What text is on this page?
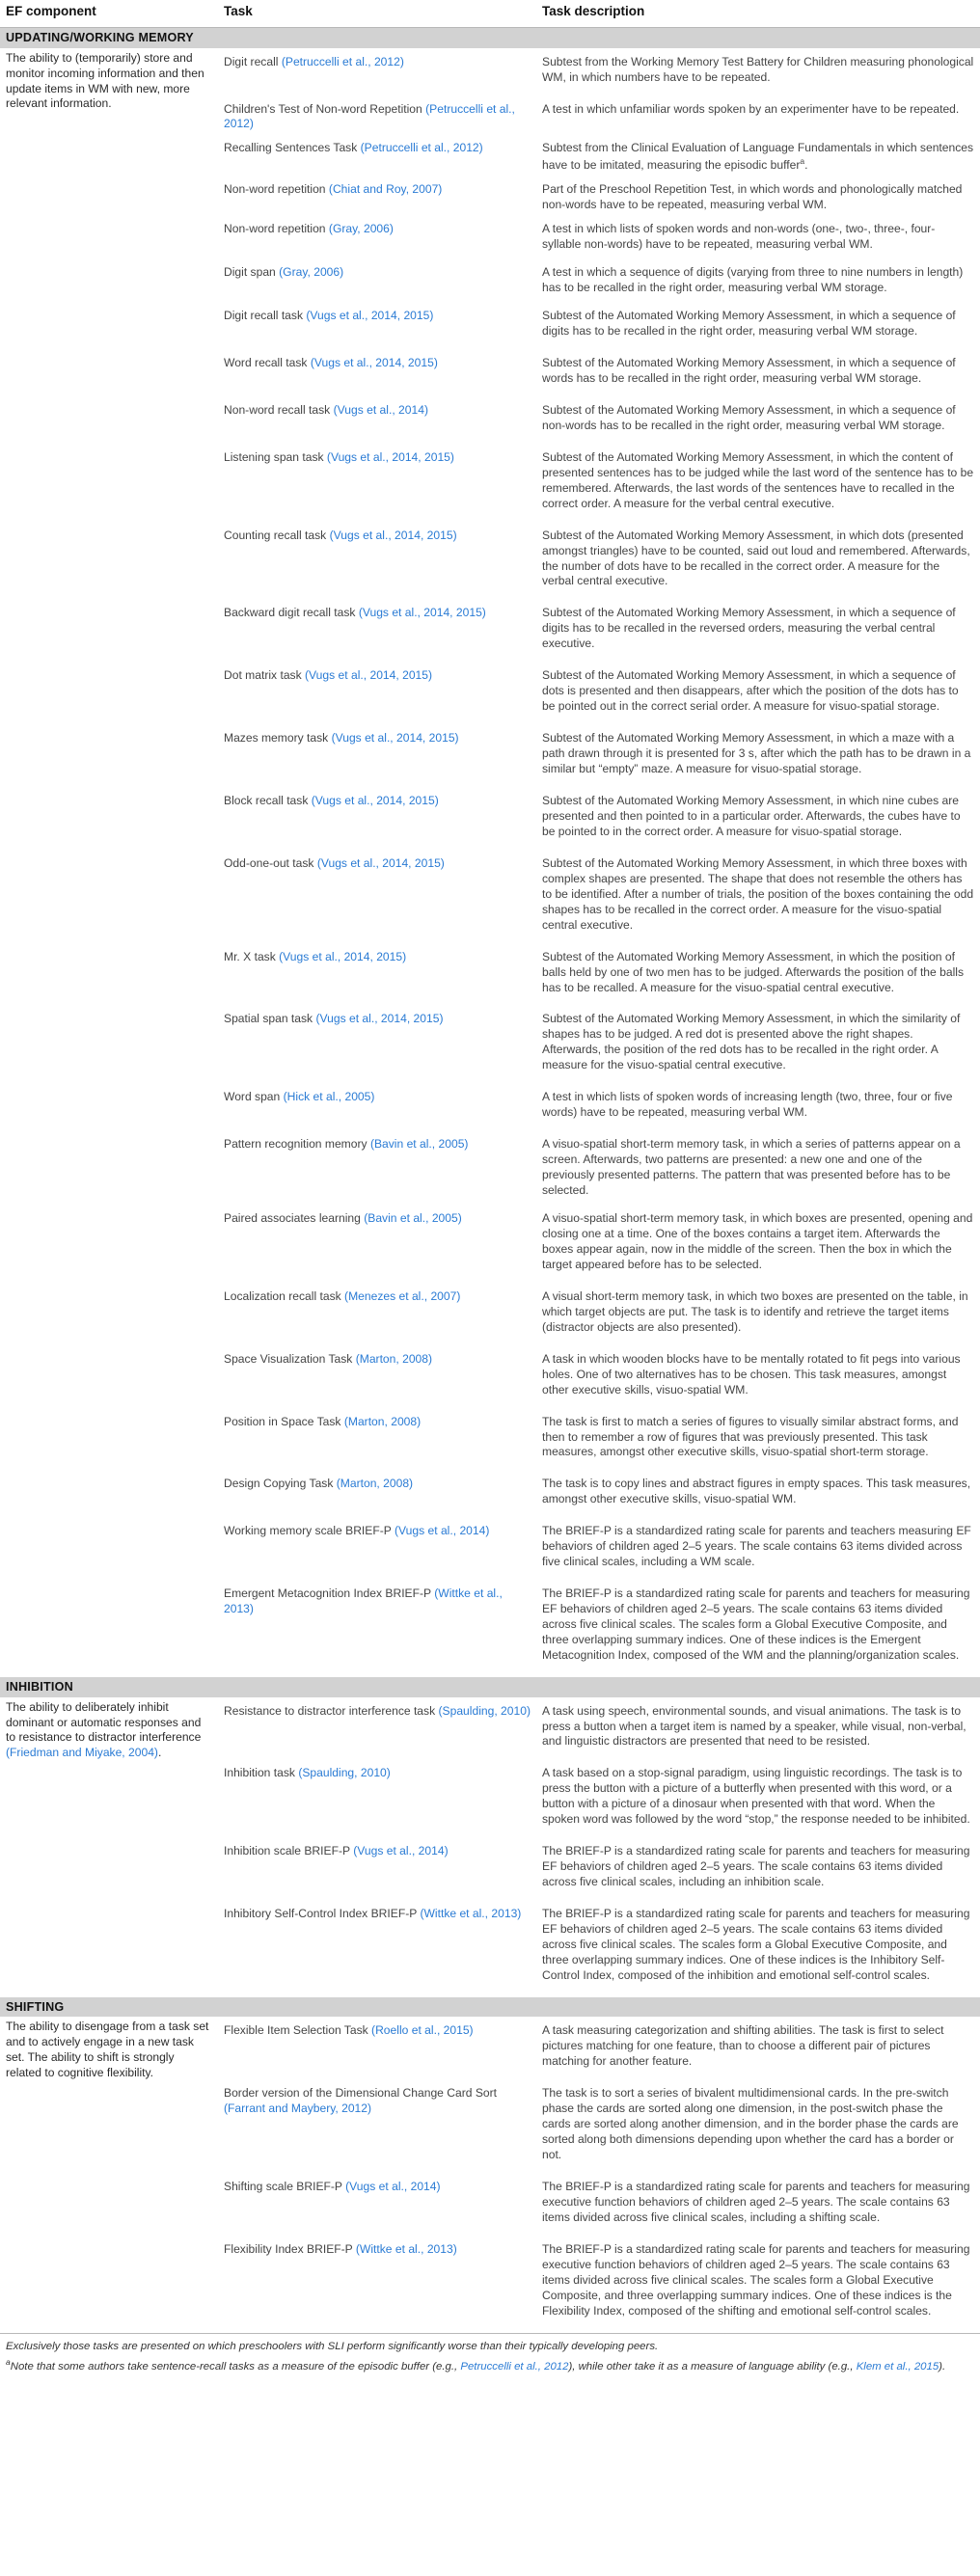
EF component	Task	Task description
UPDATING/WORKING MEMORY		
The ability to (temporarily) store and monitor incoming information and then update items in WM with new, more relevant information.	Digit recall (Petruccelli et al., 2012)	Subtest from the Working Memory Test Battery for Children measuring phonological WM, in which numbers have to be repeated.
	Children's Test of Non-word Repetition (Petruccelli et al., 2012)	A test in which unfamiliar words spoken by an experimenter have to be repeated.
	Recalling Sentences Task (Petruccelli et al., 2012)	Subtest from the Clinical Evaluation of Language Fundamentals in which sentences have to be imitated, measuring the episodic buffer$^a$.
	Non-word repetition (Chiat and Roy, 2007)	Part of the Preschool Repetition Test, in which words and phonologically matched non-words have to be repeated, measuring verbal WM.
	Non-word repetition (Gray, 2006)	A test in which lists of spoken words and non-words (one-, two-, three-, four- syllable non-words) have to be repeated, measuring verbal WM.
	Digit span (Gray, 2006)	A test in which a sequence of digits (varying from three to nine numbers in length) has to be recalled in the right order, measuring verbal WM storage.
	Digit recall task (Vugs et al., 2014, 2015)	Subtest of the Automated Working Memory Assessment, in which a sequence of digits has to be recalled in the right order, measuring verbal WM storage.
	Word recall task (Vugs et al., 2014, 2015)	Subtest of the Automated Working Memory Assessment, in which a sequence of words has to be recalled in the right order, measuring verbal WM storage.
	Non-word recall task (Vugs et al., 2014)	Subtest of the Automated Working Memory Assessment, in which a sequence of non-words has to be recalled in the right order, measuring verbal WM storage.
	Listening span task (Vugs et al., 2014, 2015)	Subtest of the Automated Working Memory Assessment, in which the content of presented sentences has to be judged while the last word of the sentence has to be remembered. Afterwards, the last words of the sentences have to recalled in the correct order. A measure for the verbal central executive.
	Counting recall task (Vugs et al., 2014, 2015)	Subtest of the Automated Working Memory Assessment, in which dots (presented amongst triangles) have to be counted, said out loud and remembered. Afterwards, the number of dots have to be recalled in the correct order. A measure for the verbal central executive.
	Backward digit recall task (Vugs et al., 2014, 2015)	Subtest of the Automated Working Memory Assessment, in which a sequence of digits has to be recalled in the reversed orders, measuring the verbal central executive.
	Dot matrix task (Vugs et al., 2014, 2015)	Subtest of the Automated Working Memory Assessment, in which a sequence of dots is presented and then disappears, after which the position of the dots has to be pointed out in the correct serial order. A measure for visuo-spatial storage.
	Mazes memory task (Vugs et al., 2014, 2015)	Subtest of the Automated Working Memory Assessment, in which a maze with a path drawn through it is presented for 3 s, after which the path has to be drawn in a similar but “empty” maze. A measure for visuo-spatial storage.
	Block recall task (Vugs et al., 2014, 2015)	Subtest of the Automated Working Memory Assessment, in which nine cubes are presented and then pointed to in a particular order. Afterwards, the cubes have to be pointed to in the correct order. A measure for visuo-spatial storage.
	Odd-one-out task (Vugs et al., 2014, 2015)	Subtest of the Automated Working Memory Assessment, in which three boxes with complex shapes are presented. The shape that does not resemble the others has to be identified. After a number of trials, the position of the boxes containing the odd shapes has to be recalled in the correct order. A measure for the visuo-spatial central executive.
	Mr. X task (Vugs et al., 2014, 2015)	Subtest of the Automated Working Memory Assessment, in which the position of balls held by one of two men has to be judged. Afterwards the position of the balls has to be recalled. A measure for the visuo-spatial central executive.
	Spatial span task (Vugs et al., 2014, 2015)	Subtest of the Automated Working Memory Assessment, in which the similarity of shapes has to be judged. A red dot is presented above the right shapes. Afterwards, the position of the red dots has to be recalled in the right order. A measure for the visuo-spatial central executive.
	Word span (Hick et al., 2005)	A test in which lists of spoken words of increasing length (two, three, four or five words) have to be repeated, measuring verbal WM.
	Pattern recognition memory (Bavin et al., 2005)	A visuo-spatial short-term memory task, in which a series of patterns appear on a screen. Afterwards, two patterns are presented: a new one and one of the previously presented patterns. The pattern that was presented before has to be selected.
	Paired associates learning (Bavin et al., 2005)	A visuo-spatial short-term memory task, in which boxes are presented, opening and closing one at a time. One of the boxes contains a target item. Afterwards the boxes appear again, now in the middle of the screen. Then the box in which the target appeared before has to be selected.
	Localization recall task (Menezes et al., 2007)	A visual short-term memory task, in which two boxes are presented on the table, in which target objects are put. The task is to identify and retrieve the target items (distractor objects are also presented).
	Space Visualization Task (Marton, 2008)	A task in which wooden blocks have to be mentally rotated to fit pegs into various holes. One of two alternatives has to be chosen. This task measures, amongst other executive skills, visuo-spatial WM.
	Position in Space Task (Marton, 2008)	The task is first to match a series of figures to visually similar abstract forms, and then to remember a row of figures that was previously presented. This task measures, amongst other executive skills, visuo-spatial short-term storage.
	Design Copying Task (Marton, 2008)	The task is to copy lines and abstract figures in empty spaces. This task measures, amongst other executive skills, visuo-spatial WM.
	Working memory scale BRIEF-P (Vugs et al., 2014)	The BRIEF-P is a standardized rating scale for parents and teachers measuring EF behaviors of children aged 2–5 years. The scale contains 63 items divided across five clinical scales, including a WM scale.
	Emergent Metacognition Index BRIEF-P (Wittke et al., 2013)	The BRIEF-P is a standardized rating scale for parents and teachers for measuring EF behaviors of children aged 2–5 years. The scale contains 63 items divided across five clinical scales. The scales form a Global Executive Composite, and three overlapping summary indices. One of these indices is the Emergent Metacognition Index, composed of the WM and the planning/organization scales.
INHIBITION		
The ability to deliberately inhibit dominant or automatic responses and to resistance to distractor interference (Friedman and Miyake, 2004).	Resistance to distractor interference task (Spaulding, 2010)	A task using speech, environmental sounds, and visual animations. The task is to press a button when a target item is named by a speaker, while visual, non-verbal, and linguistic distractors are presented that need to be resisted.
	Inhibition task (Spaulding, 2010)	A task based on a stop-signal paradigm, using linguistic recordings. The task is to press the button with a picture of a butterfly when presented with this word, or a button with a picture of a dinosaur when presented with that word. When the spoken word was followed by the word “stop,” the response needed to be inhibited.
	Inhibition scale BRIEF-P (Vugs et al., 2014)	The BRIEF-P is a standardized rating scale for parents and teachers for measuring EF behaviors of children aged 2–5 years. The scale contains 63 items divided across five clinical scales, including an inhibition scale.
	Inhibitory Self-Control Index BRIEF-P (Wittke et al., 2013)	The BRIEF-P is a standardized rating scale for parents and teachers for measuring EF behaviors of children aged 2–5 years. The scale contains 63 items divided across five clinical scales. The scales form a Global Executive Composite, and three overlapping summary indices. One of these indices is the Inhibitory Self-Control Index, composed of the inhibition and emotional self-control scales.
SHIFTING		
The ability to disengage from a task set and to actively engage in a new task set. The ability to shift is strongly related to cognitive flexibility.	Flexible Item Selection Task (Roello et al., 2015)	A task measuring categorization and shifting abilities. The task is first to select pictures matching for one feature, than to choose a different pair of pictures matching for another feature.
	Border version of the Dimensional Change Card Sort (Farrant and Maybery, 2012)	The task is to sort a series of bivalent multidimensional cards. In the pre-switch phase the cards are sorted along one dimension, in the post-switch phase the cards are sorted along another dimension, and in the border phase the cards are sorted along both dimensions depending upon whether the card has a border or not.
	Shifting scale BRIEF-P (Vugs et al., 2014)	The BRIEF-P is a standardized rating scale for parents and teachers for measuring executive function behaviors of children aged 2–5 years. The scale contains 63 items divided across five clinical scales, including a shifting scale.
	Flexibility Index BRIEF-P (Wittke et al., 2013)	The BRIEF-P is a standardized rating scale for parents and teachers for measuring executive function behaviors of children aged 2–5 years. The scale contains 63 items divided across five clinical scales. The scales form a Global Executive Composite, and three overlapping summary indices. One of these indices is the Flexibility Index, composed of the shifting and emotional self-control scales.
Exclusively those tasks are presented on which preschoolers with SLI perform significantly worse than their typically developing peers.		
$^a$Note that some authors take sentence-recall tasks as a measure of the episodic buffer (e.g., Petruccelli et al., 2012), while other take it as a measure of language ability (e.g., Klem et al., 2015).		
